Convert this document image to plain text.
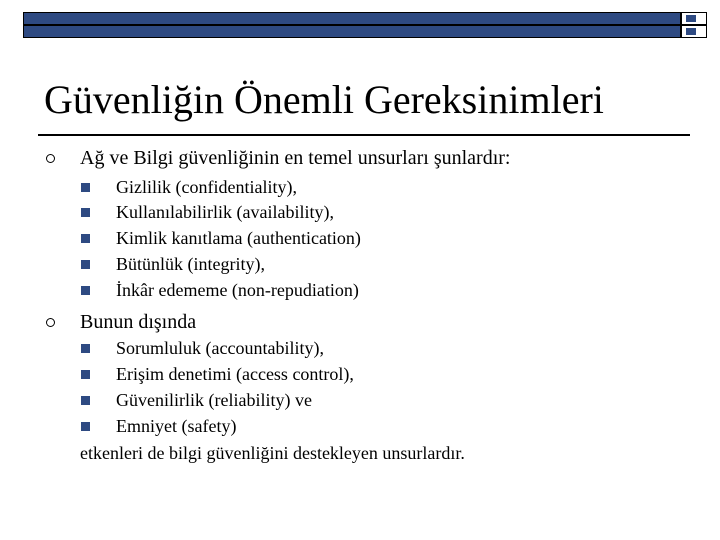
Güvenliğin Önemli Gereksinimleri
Ağ ve Bilgi güvenliğinin en temel unsurları şunlardır:
Gizlilik (confidentiality),
Kullanılabilirlik (availability),
Kimlik kanıtlama (authentication)
Bütünlük (integrity),
İnkâr edememe (non-repudiation)
Bunun dışında
Sorumluluk (accountability),
Erişim denetimi (access control),
Güvenilirlik (reliability) ve
Emniyet (safety)
etkenleri de bilgi güvenliğini destekleyen unsurlardır.
